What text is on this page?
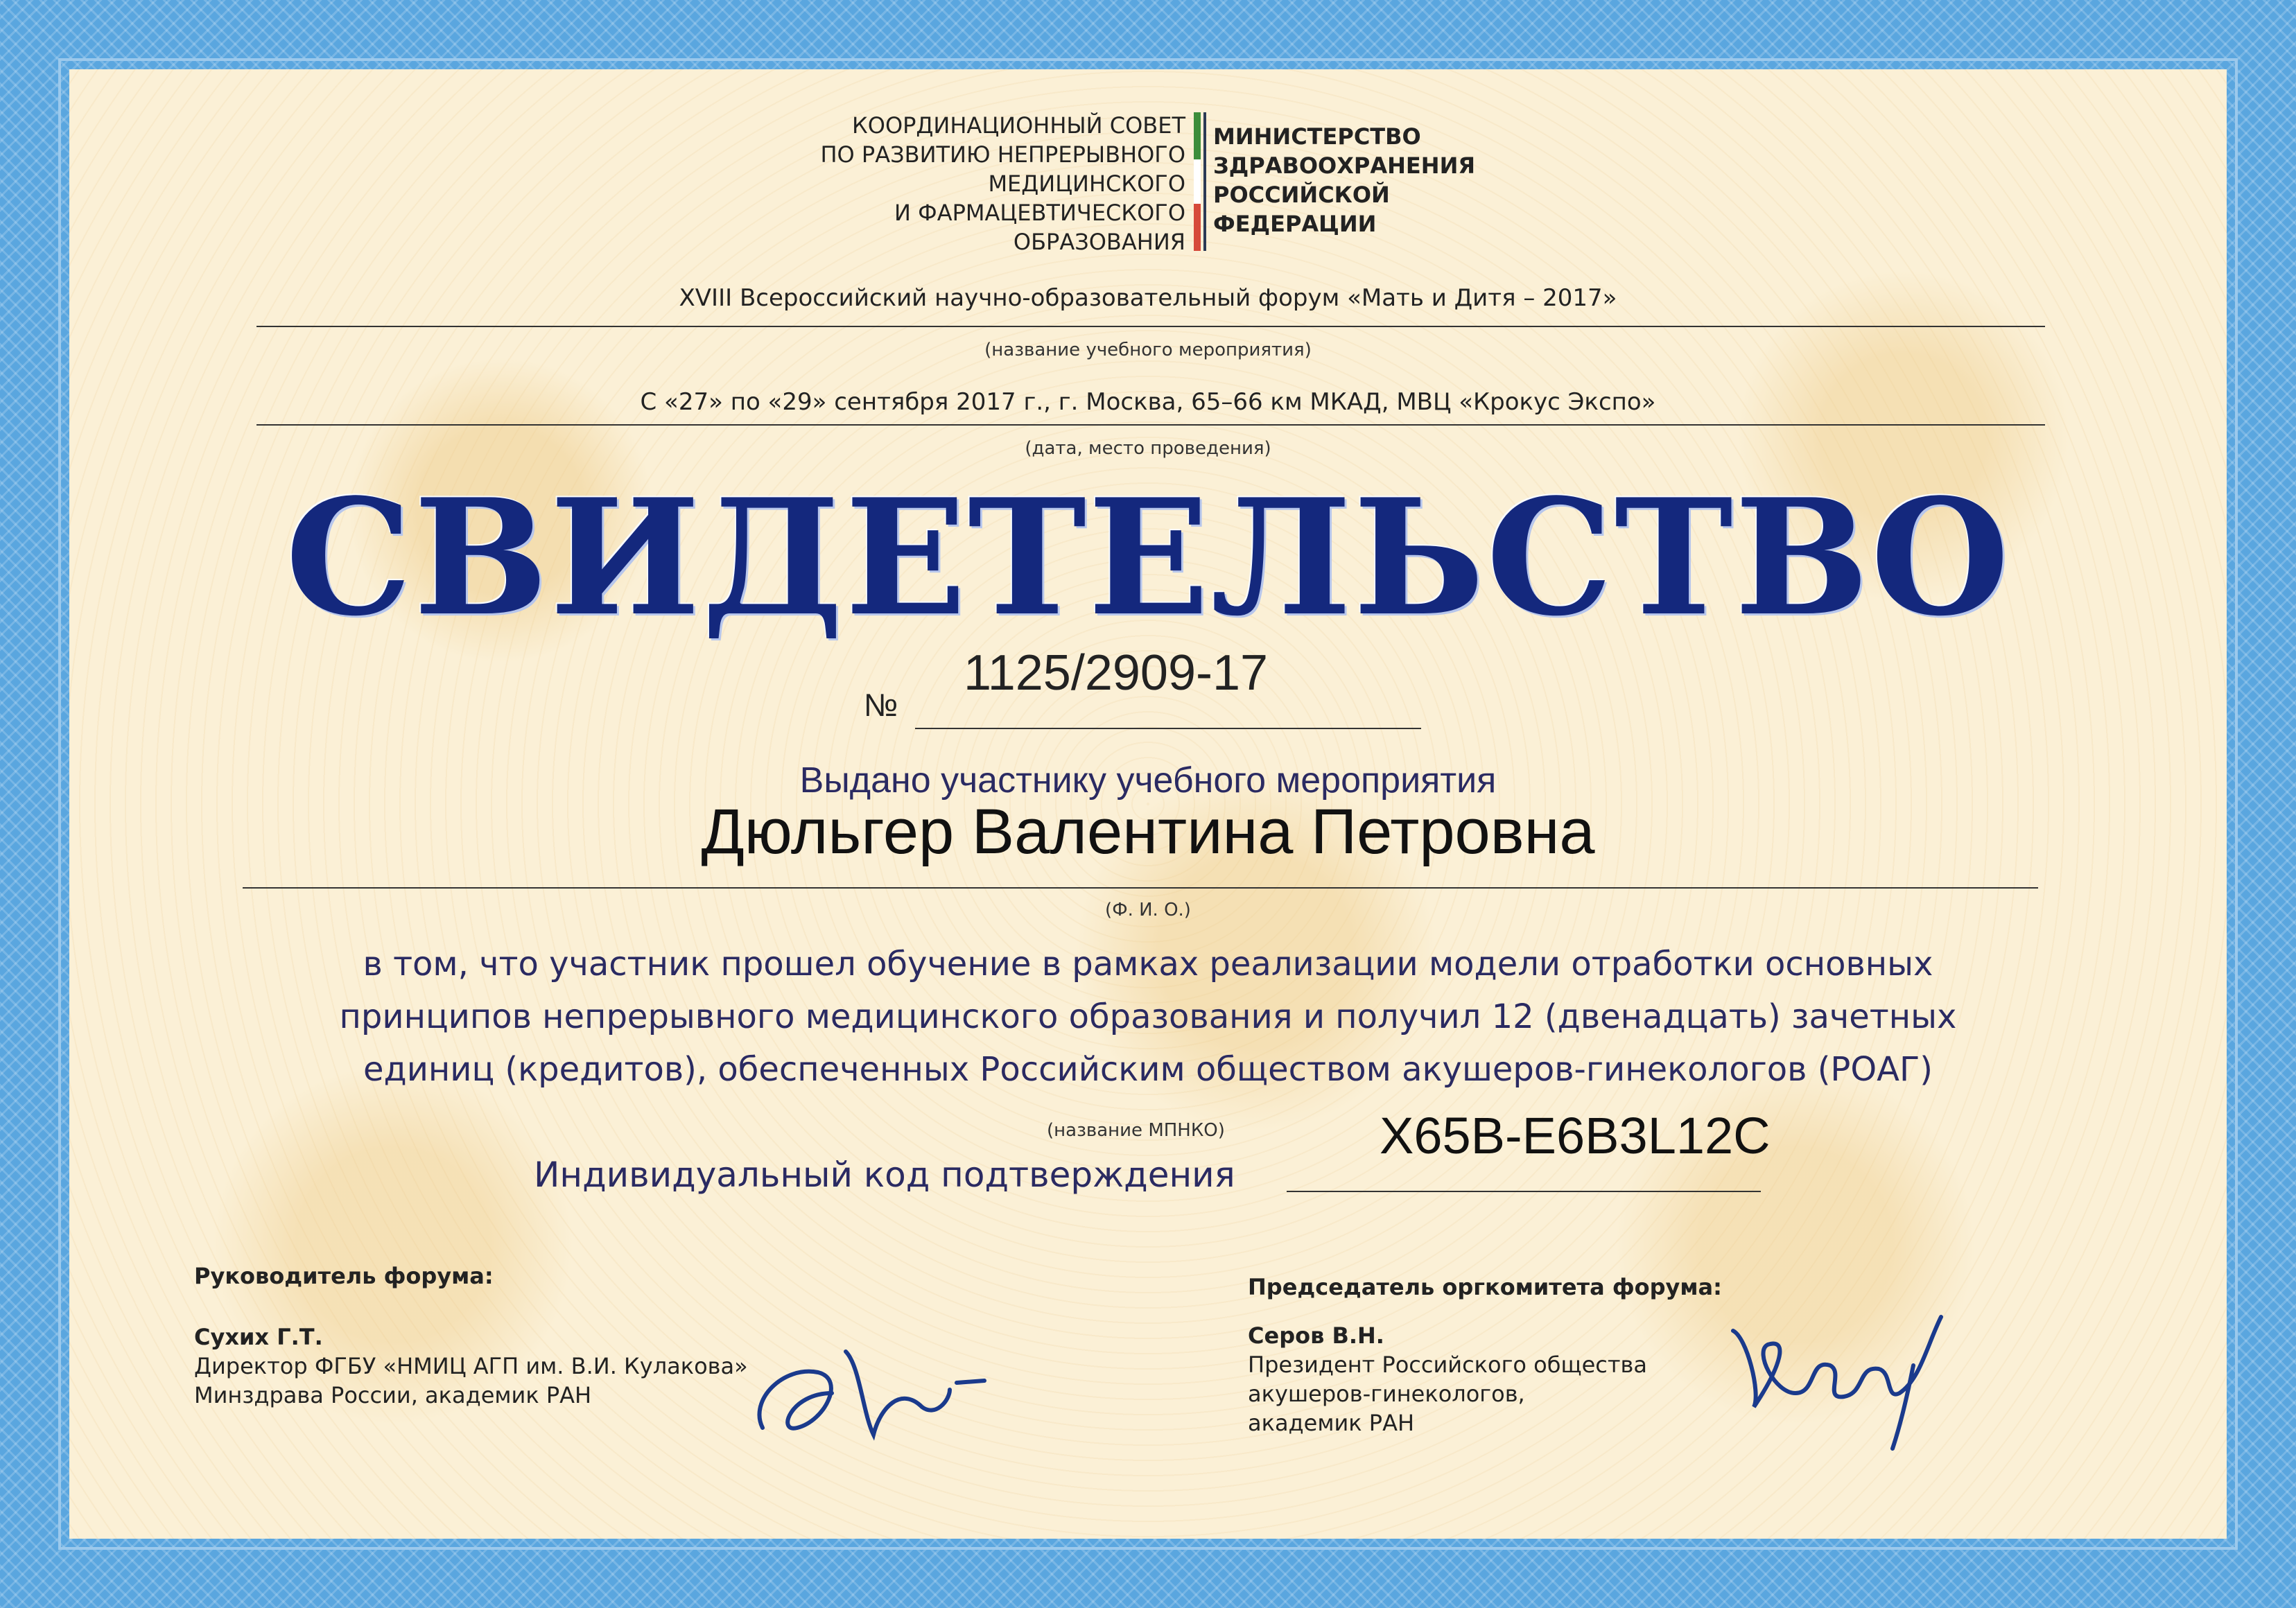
КООРДИНАЦИОННЫЙ СОВЕТ
ПО РАЗВИТИЮ НЕПРЕРЫВНОГО
МЕДИЦИНСКОГО
И ФАРМАЦЕВТИЧЕСКОГО
ОБРАЗОВАНИЯ
МИНИСТЕРСТВО
ЗДРАВООХРАНЕНИЯ
РОССИЙСКОЙ
ФЕДЕРАЦИИ
XVIII Всероссийский научно-образовательный форум «Мать и Дитя – 2017»
(название учебного мероприятия)
С «27» по «29» сентября 2017 г., г. Москва, 65–66 км МКАД, МВЦ «Крокус Экспо»
(дата, место проведения)
СВИДЕТЕЛЬСТВО
№
1125/2909-17
Выдано участнику учебного мероприятия
Дюльгер Валентина Петровна
(Ф. И. О.)
в том, что участник прошел обучение в рамках реализации модели отработки основных
принципов непрерывного медицинского образования и получил 12 (двенадцать) зачетных
единиц (кредитов), обеспеченных Российским обществом акушеров-гинекологов (РОАГ)
(название МПНКО)	X65B-E6B3L12C
Индивидуальный код подтверждения
Руководитель форума:
Сухих Г.Т.
Директор ФГБУ «НМИЦ АГП им. В.И. Кулакова»
Минздрава России, академик РАН
Председатель оргкомитета форума:
Серов В.Н.
Президент Российского общества
акушеров-гинекологов,
академик РАН
